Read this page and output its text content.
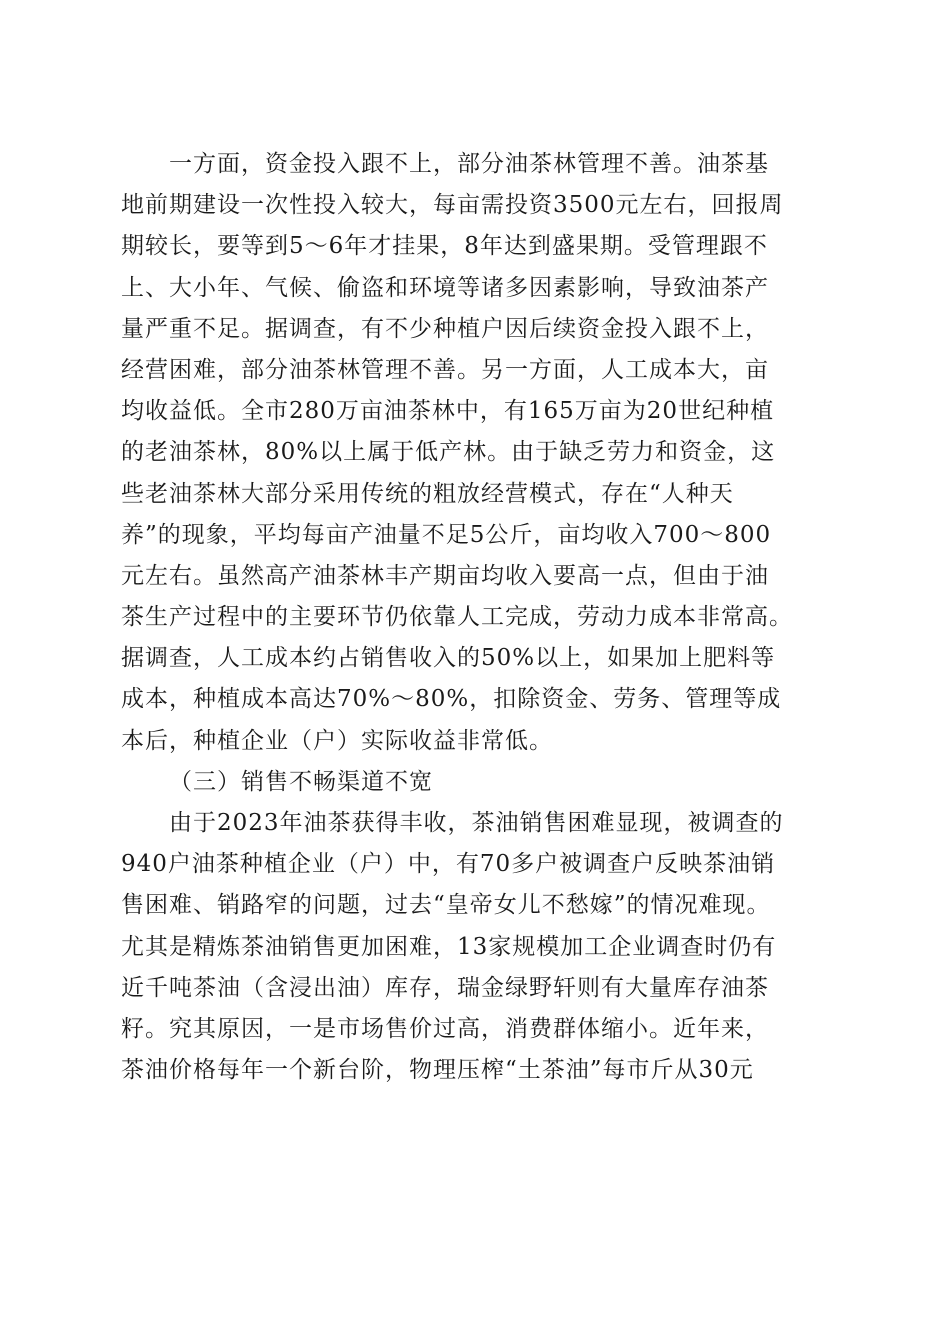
一方面，资金投入跟不上，部分油茶林管理不善。油茶基
地前期建设一次性投入较大，每亩需投资3500元左右，回报周
期较长，要等到5～6年才挂果，8年达到盛果期。受管理跟不
上、大小年、气候、偷盗和环境等诸多因素影响，导致油茶产
量严重不足。据调查，有不少种植户因后续资金投入跟不上，
经营困难，部分油茶林管理不善。另一方面，人工成本大，亩
均收益低。全市280万亩油茶林中，有165万亩为20世纪种植
的老油茶林，80%以上属于低产林。由于缺乏劳力和资金，这
些老油茶林大部分采用传统的粗放经营模式，存在“人种天
养”的现象，平均每亩产油量不足5公斤，亩均收入700～800
元左右。虽然高产油茶林丰产期亩均收入要高一点，但由于油
茶生产过程中的主要环节仍依靠人工完成，劳动力成本非常高。
据调查，人工成本约占销售收入的50%以上，如果加上肥料等
成本，种植成本高达70%～80%，扣除资金、劳务、管理等成
本后，种植企业（户）实际收益非常低。
（三）销售不畅渠道不宽
由于2023年油茶获得丰收，茶油销售困难显现，被调查的
940户油茶种植企业（户）中，有70多户被调查户反映茶油销
售困难、销路窄的问题，过去“皇帝女儿不愁嫁”的情况难现。
尤其是精炼茶油销售更加困难，13家规模加工企业调查时仍有
近千吨茶油（含浸出油）库存，瑞金绿野轩则有大量库存油茶
籽。究其原因，一是市场售价过高，消费群体缩小。近年来，
茶油价格每年一个新台阶，物理压榨“土茶油”每市斤从30元
